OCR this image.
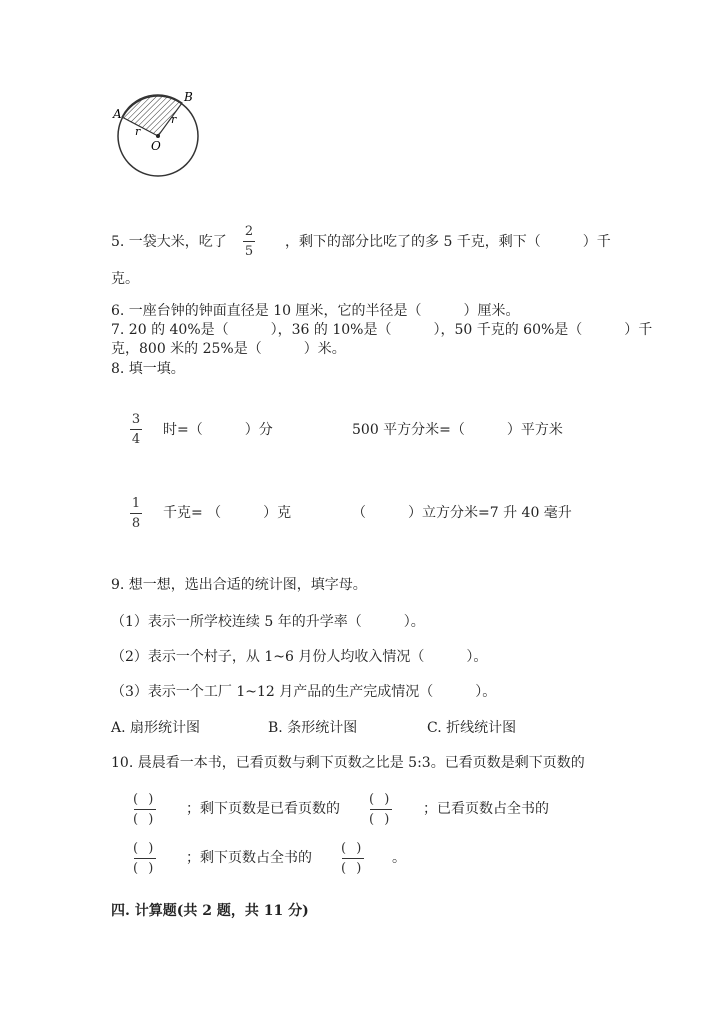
A
B
O
r
r
5. 一袋大米，吃了
2
5
，剩下的部分比吃了的多 5 千克，剩下（　　　）千
克。
6. 一座台钟的钟面直径是 10 厘米，它的半径是（　　　）厘米。
7. 20 的 40%是（　　　），36 的 10%是（　　　），50 千克的 60%是（　　　）千
克，800 米的 25%是（　　　）米。
8. 填一填。
3
4
时=（　　　）分	500 平方分米=（　　　）平方米
1
8
千克= （　　　）克	（　　　）立方分米=7 升 40 毫升
9. 想一想，选出合适的统计图，填字母。
（1）表示一所学校连续 5 年的升学率（　　　）。
（2）表示一个村子，从 1~6 月份人均收入情况（　　　）。
（3）表示一个工厂 1~12 月产品的生产完成情况（　　　）。
A. 扇形统计图	B. 条形统计图	C. 折线统计图
10. 晨晨看一本书，已看页数与剩下页数之比是 5:3。已看页数是剩下页数的
( )
( )
；剩下页数是已看页数的
( )
( )
；已看页数占全书的
( )
( )
；剩下页数占全书的
( )
( )
。
四. 计算题(共 2 题，共 11 分)
